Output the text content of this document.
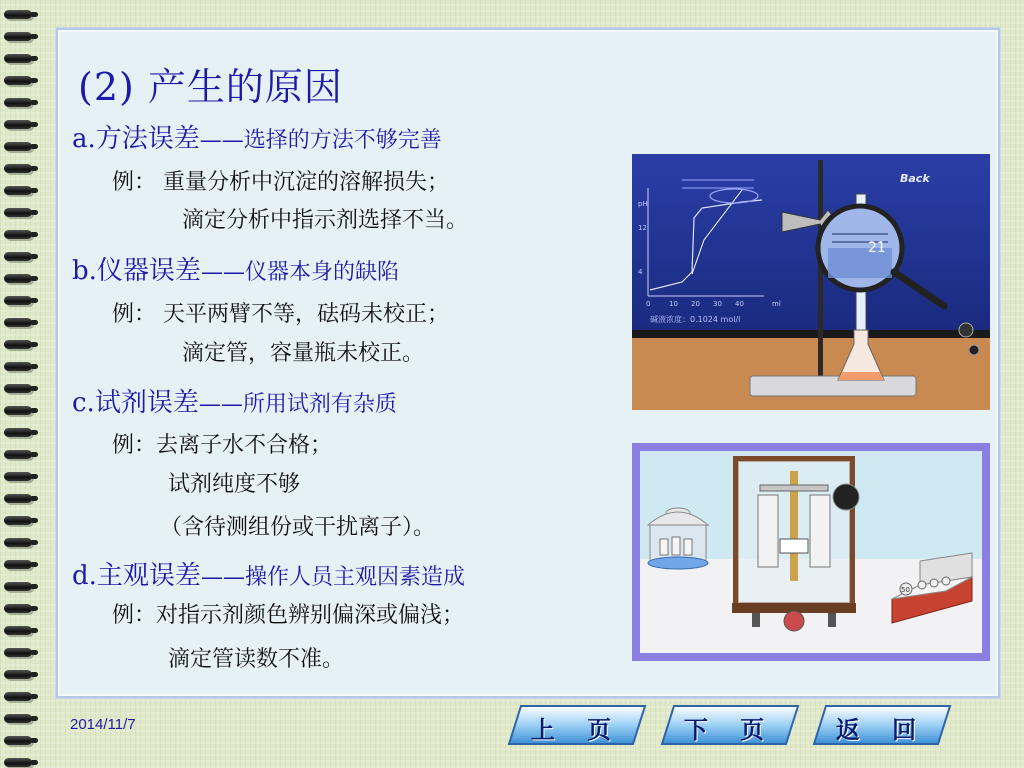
(2) 产生的原因
a.方法误差——选择的方法不够完善
例： 重量分析中沉淀的溶解损失；
滴定分析中指示剂选择不当。
b.仪器误差——仪器本身的缺陷
例： 天平两臂不等，砝码未校正；
滴定管，容量瓶未校正。
c.试剂误差——所用试剂有杂质
例：去离子水不合格；
试剂纯度不够
（含待测组份或干扰离子）。
d.主观误差——操作人员主观因素造成
例：对指示剂颜色辨别偏深或偏浅；
滴定管读数不准。
pH
12
4
0	10 20 30 40	ml
碱液浓度：0.1024 mol/l
Back
21
50
2014/11/7	上 页	下 页	返 回
